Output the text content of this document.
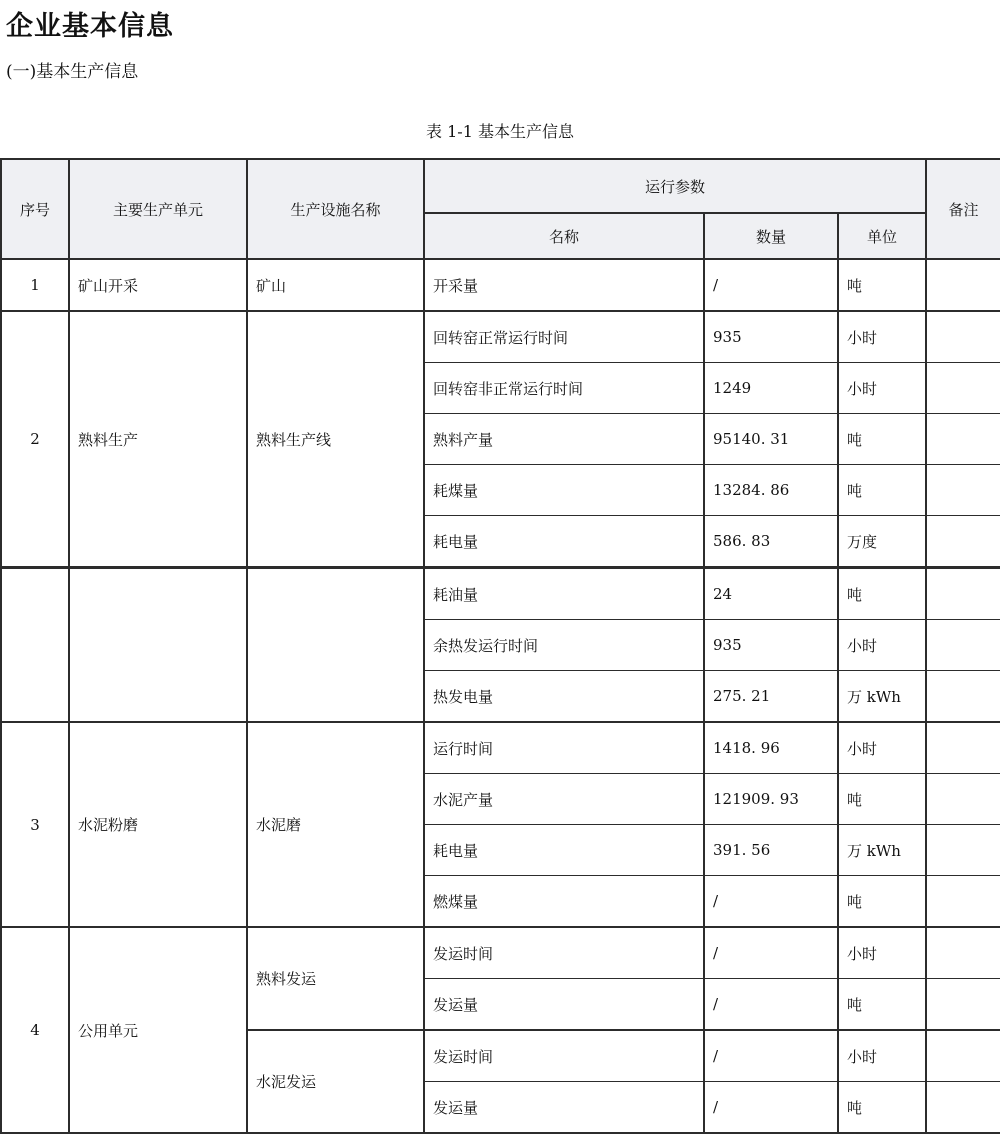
企业基本信息
(一)基本生产信息
表 1-1 基本生产信息
序号	主要生产单元	生产设施名称	运行参数			备注
			名称	数量	单位	
1	矿山开采	矿山	开采量	/	吨	
2	熟料生产	熟料生产线	回转窑正常运行时间	935	小时	
			回转窑非正常运行时间	1249	小时	
			熟料产量	95140. 31	吨	
			耗煤量	13284. 86	吨	
			耗电量	586. 83	万度	
			耗油量	24	吨	
			余热发运行时间	935	小时	
			热发电量	275. 21	万 kWh	
3	水泥粉磨	水泥磨	运行时间	1418. 96	小时	
			水泥产量	121909. 93	吨	
			耗电量	391. 56	万 kWh	
			燃煤量	/	吨	
4	公用单元	熟料发运	发运时间	/	小时	
			发运量	/	吨	
		水泥发运	发运时间	/	小时	
			发运量	/	吨	
